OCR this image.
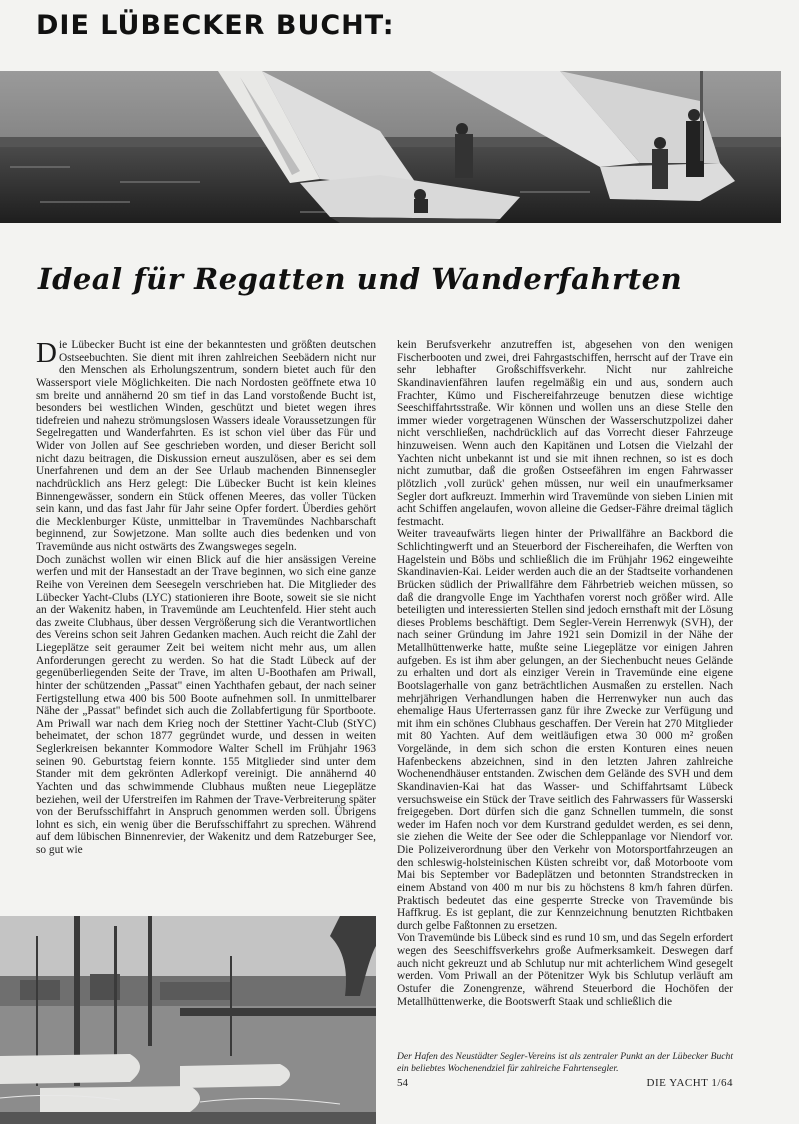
DIE LÜBECKER BUCHT:
Ideal für Regatten und Wanderfahrten

Die Lübecker Bucht ist eine der bekanntesten und größten deutschen Ostseebuchten. Sie dient mit ihren zahlreichen Seebädern nicht nur den Menschen als Erholungszentrum, sondern bietet auch für den Wassersport viele Möglichkeiten. Die nach Nordosten geöffnete etwa 10 sm breite und annähernd 20 sm tief in das Land vorstoßende Bucht ist, besonders bei westlichen Winden, geschützt und bietet wegen ihres tidefreien und nahezu strömungslosen Wassers ideale Voraussetzungen für Segelregatten und Wanderfahrten. Es ist schon viel über das Für und Wider von Jollen auf See geschrieben worden, und dieser Bericht soll nicht dazu beitragen, die Diskussion erneut auszulösen, aber es sei dem Unerfahrenen und dem an der See Urlaub machenden Binnensegler nachdrücklich ans Herz gelegt: Die Lübecker Bucht ist kein kleines Binnengewässer, sondern ein Stück offenen Meeres, das voller Tücken sein kann, und das fast Jahr für Jahr seine Opfer fordert. Überdies gehört die Mecklenburger Küste, unmittelbar in Travemündes Nachbarschaft beginnend, zur Sowjetzone. Man sollte auch dies bedenken und von Travemünde aus nicht ostwärts des Zwangsweges segeln.

Doch zunächst wollen wir einen Blick auf die hier ansässigen Vereine werfen und mit der Hansestadt an der Trave beginnen, wo sich eine ganze Reihe von Vereinen dem Seesegeln verschrieben hat. Die Mitglieder des Lübecker Yacht-Clubs (LYC) stationieren ihre Boote, soweit sie sie nicht an der Wakenitz haben, in Travemünde am Leuchtenfeld. Hier steht auch das zweite Clubhaus, über dessen Vergrößerung sich die Verantwortlichen des Vereins schon seit Jahren Gedanken machen. Auch reicht die Zahl der Liegeplätze seit geraumer Zeit bei weitem nicht mehr aus, um allen Anforderungen gerecht zu werden. So hat die Stadt Lübeck auf der gegenüberliegenden Seite der Trave, im alten U-Boothafen am Priwall, hinter der schützenden „Passat" einen Yachthafen gebaut, der nach seiner Fertigstellung etwa 400 bis 500 Boote aufnehmen soll. In unmittelbarer Nähe der „Passat" befindet sich auch die Zollabfertigung für Sportboote. Am Priwall war nach dem Krieg noch der Stettiner Yacht-Club (StYC) beheimatet, der schon 1877 gegründet wurde, und dessen in weiten Seglerkreisen bekannter Kommodore Walter Schell im Frühjahr 1963 seinen 90. Geburtstag feiern konnte. 155 Mitglieder sind unter dem Stander mit dem gekrönten Adlerkopf vereinigt. Die annähernd 40 Yachten und das schwimmende Clubhaus mußten neue Liegeplätze beziehen, weil der Uferstreifen im Rahmen der Trave-Verbreiterung später von der Berufsschiffahrt in Anspruch genommen werden soll. Übrigens lohnt es sich, ein wenig über die Berufsschiffahrt zu sprechen. Während auf dem lübischen Binnenrevier, der Wakenitz und dem Ratzeburger See, so gut wie

kein Berufsverkehr anzutreffen ist, abgesehen von den wenigen Fischerbooten und zwei, drei Fahrgastschiffen, herrscht auf der Trave ein sehr lebhafter Großschiffsverkehr. Nicht nur zahlreiche Skandinavienfähren laufen regelmäßig ein und aus, sondern auch Frachter, Kümo und Fischereifahrzeuge benutzen diese wichtige Seeschiffahrtsstraße. Wir können und wollen uns an diese Stelle den immer wieder vorgetragenen Wünschen der Wasserschutzpolizei daher nicht verschließen, nachdrücklich auf das Vorrecht dieser Fahrzeuge hinzuweisen. Wenn auch den Kapitänen und Lotsen die Vielzahl der Yachten nicht unbekannt ist und sie mit ihnen rechnen, so ist es doch nicht zumutbar, daß die großen Ostseefähren im engen Fahrwasser plötzlich ‚voll zurück' gehen müssen, nur weil ein unaufmerksamer Segler dort aufkreuzt. Immerhin wird Travemünde von sieben Linien mit acht Schiffen angelaufen, wovon alleine die Gedser-Fähre dreimal täglich festmacht.

Weiter traveaufwärts liegen hinter der Priwallfähre an Backbord die Schlichtingwerft und an Steuerbord der Fischereihafen, die Werften von Hagelstein und Böbs und schließlich die im Frühjahr 1962 eingeweihte Skandinavien-Kai. Leider werden auch die an der Stadtseite vorhandenen Brücken südlich der Priwallfähre dem Fährbetrieb weichen müssen, so daß die drangvolle Enge im Yachthafen vorerst noch größer wird. Alle beteiligten und interessierten Stellen sind jedoch ernsthaft mit der Lösung dieses Problems beschäftigt. Dem Segler-Verein Herrenwyk (SVH), der nach seiner Gründung im Jahre 1921 sein Domizil in der Nähe der Metallhüttenwerke hatte, mußte seine Liegeplätze vor einigen Jahren aufgeben. Es ist ihm aber gelungen, an der Siechenbucht neues Gelände zu erhalten und dort als einziger Verein in Travemünde eine eigene Bootslagerhalle von ganz beträchtlichen Ausmaßen zu erstellen. Nach mehrjährigen Verhandlungen haben die Herrenwyker nun auch das ehemalige Haus Uferterrassen ganz für ihre Zwecke zur Verfügung und mit ihm ein schönes Clubhaus geschaffen. Der Verein hat 270 Mitglieder mit 80 Yachten. Auf dem weitläufigen etwa 30 000 m² großen Vorgelände, in dem sich schon die ersten Konturen eines neuen Hafenbeckens abzeichnen, sind in den letzten Jahren zahlreiche Wochenendhäuser entstanden. Zwischen dem Gelände des SVH und dem Skandinavien-Kai hat das Wasser- und Schiffahrtsamt Lübeck versuchsweise ein Stück der Trave seitlich des Fahrwassers für Wasserski freigegeben. Dort dürfen sich die ganz Schnellen tummeln, die sonst weder im Hafen noch vor dem Kurstrand geduldet werden, es sei denn, sie ziehen die Weite der See oder die Schleppanlage vor Niendorf vor. Die Polizeiverordnung über den Verkehr von Motorsportfahrzeugen an den schleswig-holsteinischen Küsten schreibt vor, daß Motorboote vom Mai bis September vor Badeplätzen und betonnten Strandstrecken in einem Abstand von 400 m nur bis zu höchstens 8 km/h fahren dürfen. Praktisch bedeutet das eine gesperrte Strecke von Travemünde bis Haffkrug. Es ist geplant, die zur Kennzeichnung benutzten Richtbaken durch gelbe Faßtonnen zu ersetzen.

Von Travemünde bis Lübeck sind es rund 10 sm, und das Segeln erfordert wegen des Seeschiffsverkehrs große Aufmerksamkeit. Deswegen darf auch nicht gekreuzt und ab Schlutup nur mit achterlichem Wind gesegelt werden. Vom Priwall an der Pötenitzer Wyk bis Schlutup verläuft am Ostufer die Zonengrenze, während Steuerbord die Hochöfen der Metallhüttenwerke, die Bootswerft Staak und schließlich die

Der Hafen des Neustädter Segler-Vereins ist als zentraler Punkt an der Lübecker Bucht ein beliebtes Wochenendziel für zahlreiche Fahrtensegler.
54	DIE YACHT 1/64
